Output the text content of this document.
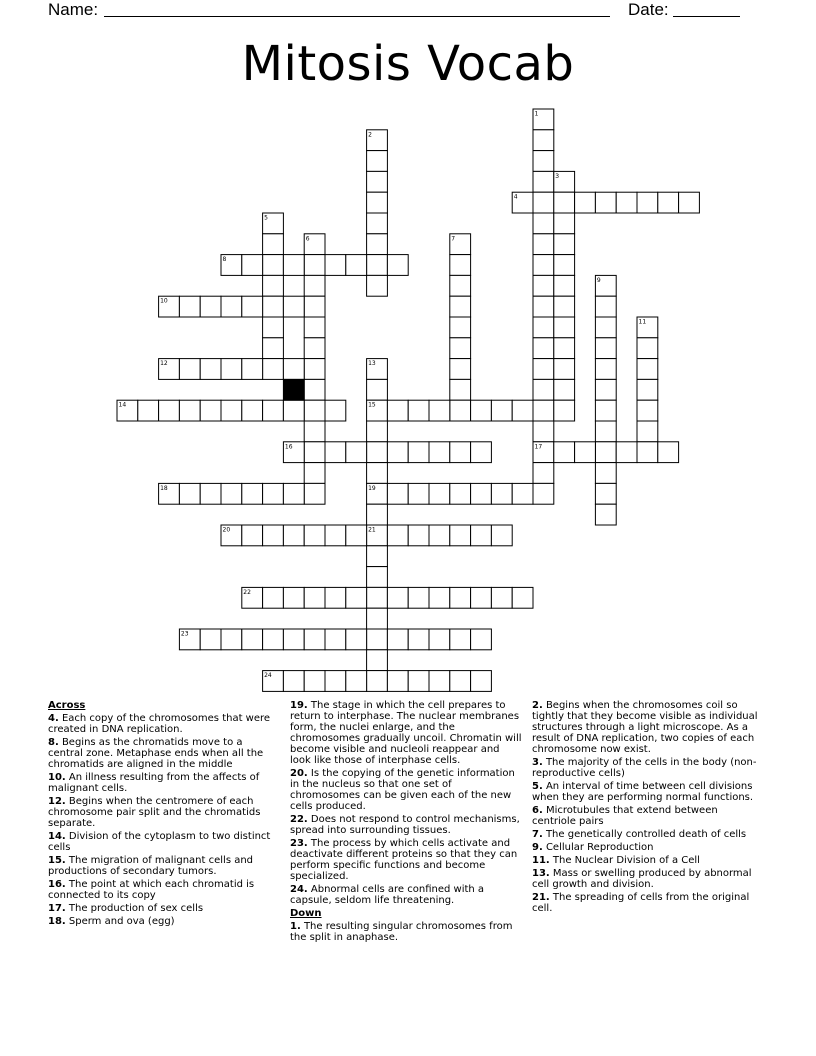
Name:	Date:
Mitosis Vocab
1
2
3
4
5
6	7
8
9
10
11
12	13
14	15
16	17
18	19
20	21
22
23
24
Across
4. Each copy of the chromosomes that were created in DNA replication.
8. Begins as the chromatids move to a central zone. Metaphase ends when all the chromatids are aligned in the middle
10. An illness resulting from the affects of malignant cells.
12. Begins when the centromere of each chromosome pair split and the chromatids separate.
14. Division of the cytoplasm to two distinct cells
15. The migration of malignant cells and productions of secondary tumors.
16. The point at which each chromatid is connected to its copy
17. The production of sex cells
18. Sperm and ova (egg)
19. The stage in which the cell prepares to return to interphase. The nuclear membranes form, the nuclei enlarge, and the chromosomes gradually uncoil. Chromatin will become visible and nucleoli reappear and look like those of interphase cells.
20. Is the copying of the genetic information in the nucleus so that one set of chromosomes can be given each of the new cells produced.
22. Does not respond to control mechanisms, spread into surrounding tissues.
23. The process by which cells activate and deactivate different proteins so that they can perform specific functions and become specialized.
24. Abnormal cells are confined with a capsule, seldom life threatening.
Down
1. The resulting singular chromosomes from the split in anaphase.
2. Begins when the chromosomes coil so tightly that they become visible as individual structures through a light microscope. As a result of DNA replication, two copies of each chromosome now exist.
3. The majority of the cells in the body (non-reproductive cells)
5. An interval of time between cell divisions when they are performing normal functions.
6. Microtubules that extend between centriole pairs
7. The genetically controlled death of cells
9. Cellular Reproduction
11. The Nuclear Division of a Cell
13. Mass or swelling produced by abnormal cell growth and division.
21. The spreading of cells from the original cell.
